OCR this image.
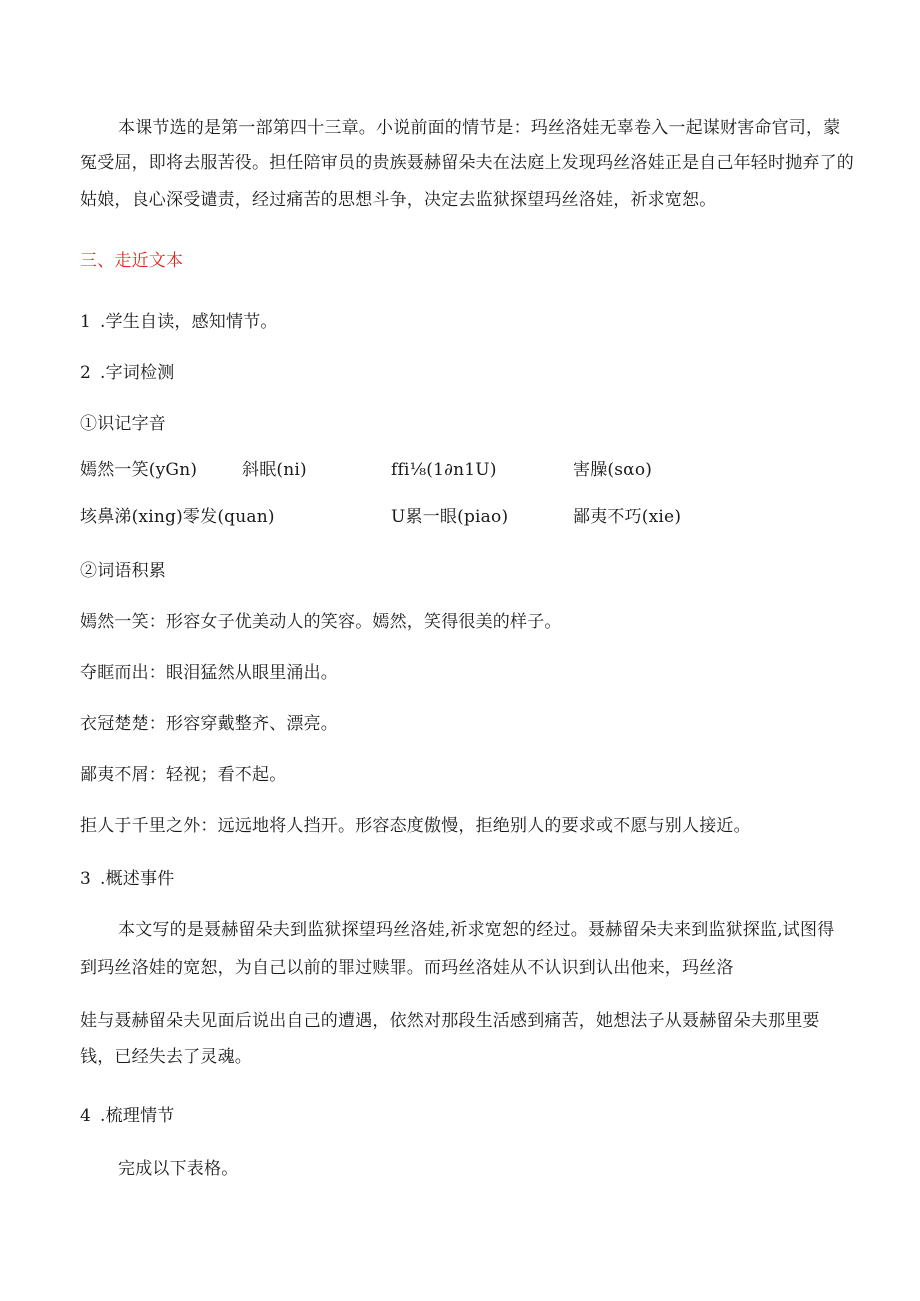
本课节选的是第一部第四十三章。小说前面的情节是：玛丝洛娃无辜卷入一起谋财害命官司，蒙
冤受屈，即将去服苦役。担任陪审员的贵族聂赫留朵夫在法庭上发现玛丝洛娃正是自己年轻时抛弃了的
姑娘，良心深受谴责，经过痛苦的思想斗争，决定去监狱探望玛丝洛娃，祈求宽恕。
三、走近文本
1 .学生自读，感知情节。
2 .字词检测
①识记字音
嫣然一笑(yGn)	斜眠(ni)	ffi⅛(1∂n1U)	害臊(sαo)
垓鼻涕(xing)零发(quan)	U累一眼(piao)	鄙夷不巧(xie)
②词语积累
嫣然一笑：形容女子优美动人的笑容。嫣然，笑得很美的样子。
夺眶而出：眼泪猛然从眼里涌出。
衣冠楚楚：形容穿戴整齐、漂亮。
鄙夷不屑：轻视；看不起。
拒人于千里之外：远远地将人挡开。形容态度傲慢，拒绝别人的要求或不愿与别人接近。
3 .概述事件
本文写的是聂赫留朵夫到监狱探望玛丝洛娃,祈求宽恕的经过。聂赫留朵夫来到监狱探监,试图得
到玛丝洛娃的宽恕，为自己以前的罪过赎罪。而玛丝洛娃从不认识到认出他来，玛丝洛
娃与聂赫留朵夫见面后说出自己的遭遇，依然对那段生活感到痛苦，她想法子从聂赫留朵夫那里要
钱，已经失去了灵魂。
4 .梳理情节
完成以下表格。
